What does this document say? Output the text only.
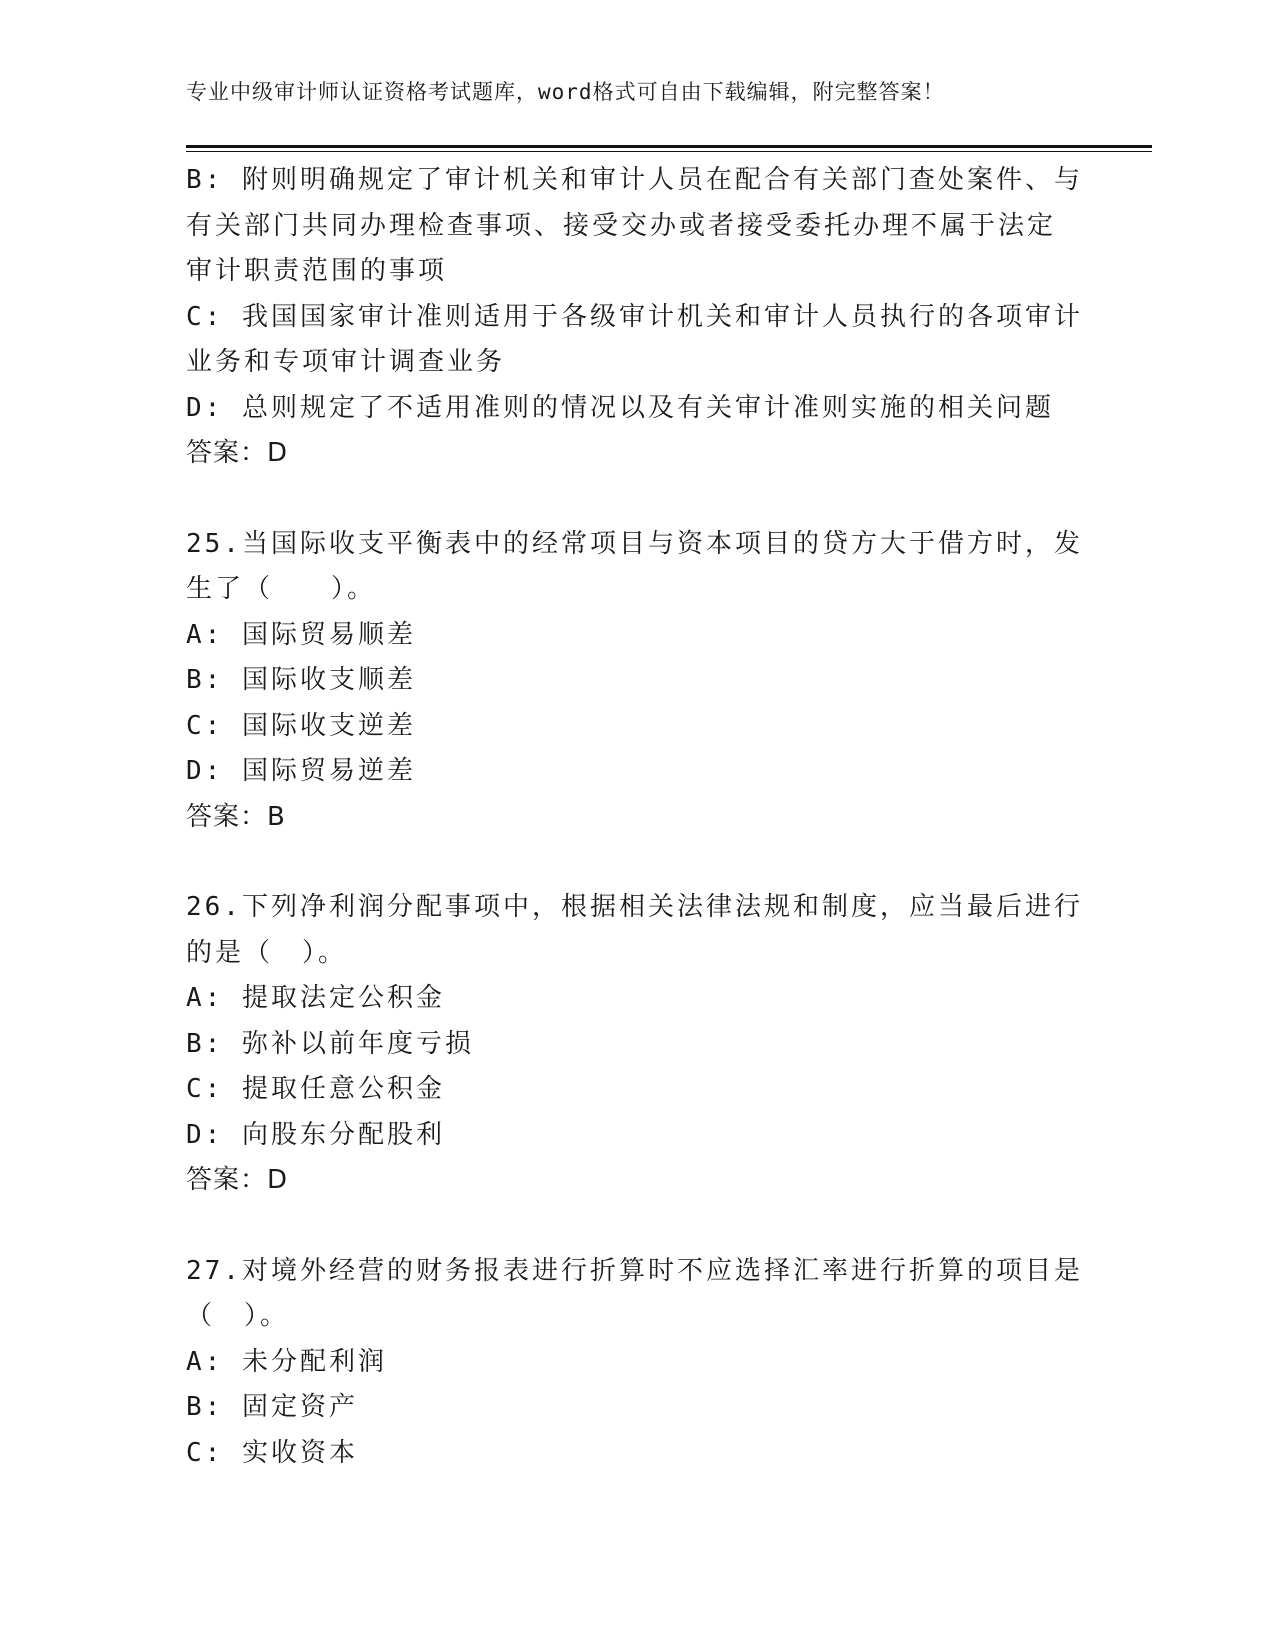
专业中级审计师认证资格考试题库，word格式可自由下载编辑，附完整答案！
B: 附则明确规定了审计机关和审计人员在配合有关部门查处案件、与
有关部门共同办理检查事项、接受交办或者接受委托办理不属于法定
审计职责范围的事项
C: 我国国家审计准则适用于各级审计机关和审计人员执行的各项审计
业务和专项审计调查业务
D: 总则规定了不适用准则的情况以及有关审计准则实施的相关问题
答案：D
25.当国际收支平衡表中的经常项目与资本项目的贷方大于借方时，发
生了（　　）。
A: 国际贸易顺差
B: 国际收支顺差
C: 国际收支逆差
D: 国际贸易逆差
答案：B
26.下列净利润分配事项中，根据相关法律法规和制度，应当最后进行
的是（　）。
A: 提取法定公积金
B: 弥补以前年度亏损
C: 提取任意公积金
D: 向股东分配股利
答案：D
27.对境外经营的财务报表进行折算时不应选择汇率进行折算的项目是
（　）。
A: 未分配利润
B: 固定资产
C: 实收资本
